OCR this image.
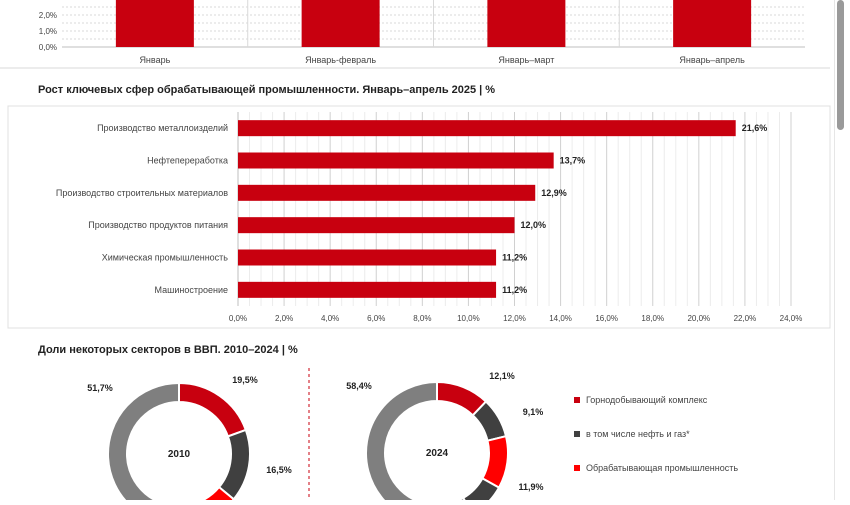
0,0%
1,0%
2,0%
Январь	Январь-февраль	Январь–март	Январь–апрель
Рост ключевых сфер обрабатывающей промышленности. Январь–апрель 2025 | %
Производство металлоизделий
Нефтепереработка
Производство строительных материалов
Производство продуктов питания
Химическая промышленность
Машиностроение
21,6%
13,7%
12,9%
12,0%
11,2%
11,2%
0,0%	2,0%	4,0%	6,0%	8,0%	10,0%	12,0%	14,0%	16,0%	18,0%	20,0%	22,0%	24,0%
Доли некоторых секторов в ВВП. 2010–2024 | %
19,5%
16,5%
51,7%
2010
12,1%
9,1%
11,9%
58,4%
2024
Горнодобывающий комплекс
в том числе нефть и газ*
Обрабатывающая промышленность
